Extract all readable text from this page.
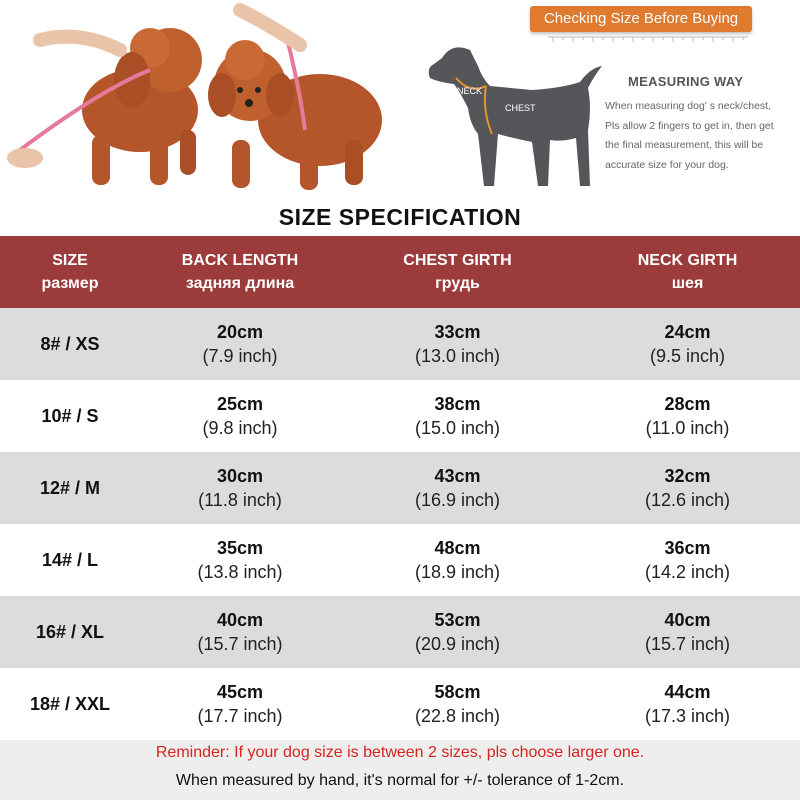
Checking Size Before Buying
NECK
CHEST
MEASURING WAY
When measuring dog' s neck/chest,
Pls allow 2 fingers to get in, then get
the final measurement, this will be
accurate size for your dog.
SIZE SPECIFICATION
SIZE
размер
BACK LENGTH
задняя длина
CHEST GIRTH
грудь
NECK GIRTH
шея
8# / XS
20cm
(7.9 inch)
33cm
(13.0 inch)
24cm
(9.5 inch)
10# / S
25cm
(9.8 inch)
38cm
(15.0 inch)
28cm
(11.0 inch)
12# / M
30cm
(11.8 inch)
43cm
(16.9 inch)
32cm
(12.6 inch)
14# / L
35cm
(13.8 inch)
48cm
(18.9 inch)
36cm
(14.2 inch)
16# / XL
40cm
(15.7 inch)
53cm
(20.9 inch)
40cm
(15.7 inch)
18# / XXL
45cm
(17.7 inch)
58cm
(22.8 inch)
44cm
(17.3 inch)
Reminder: If your dog size is between 2 sizes, pls choose larger one.
When measured by hand, it's normal for +/- tolerance of 1-2cm.
